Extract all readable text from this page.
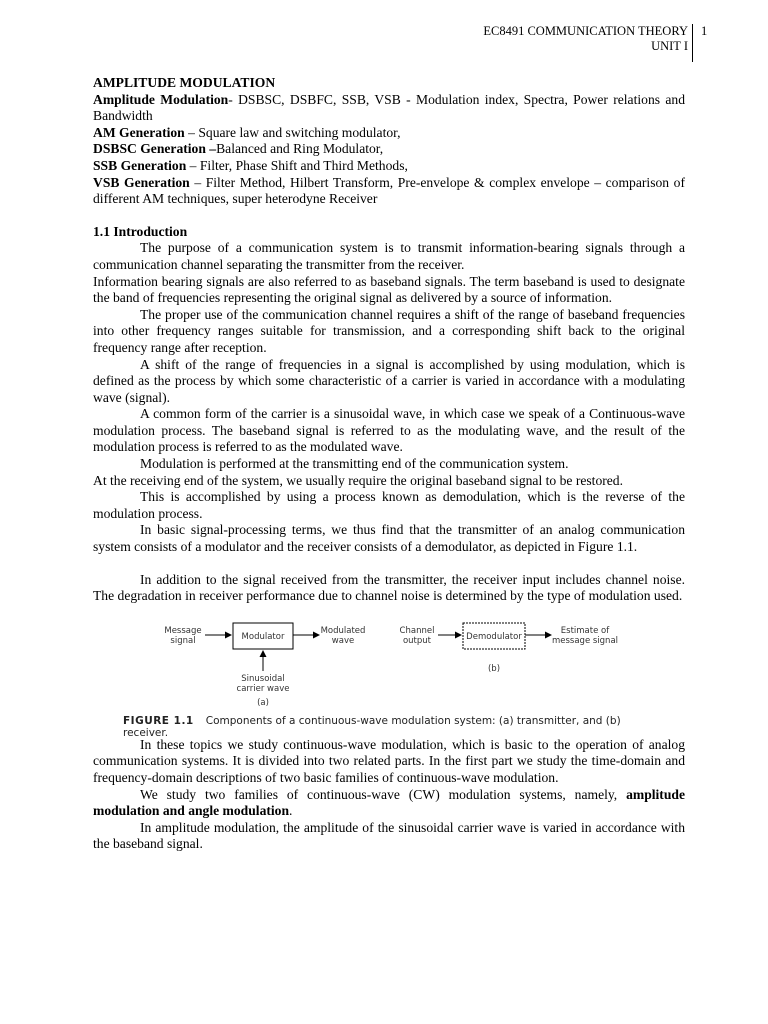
EC8491 COMMUNICATION THEORY
UNIT I
1

AMPLITUDE MODULATION

Amplitude Modulation- DSBSC, DSBFC, SSB, VSB - Modulation index, Spectra, Power relations and Bandwidth

AM Generation – Square law and switching modulator,

DSBSC Generation –Balanced and Ring Modulator,

SSB Generation – Filter, Phase Shift and Third Methods,

VSB Generation – Filter Method, Hilbert Transform, Pre-envelope & complex envelope – comparison of different AM techniques, super heterodyne Receiver

1.1 Introduction

The purpose of a communication system is to transmit information-bearing signals through a communication channel separating the transmitter from the receiver.

Information bearing signals are also referred to as baseband signals. The term baseband is used to designate the band of frequencies representing the original signal as delivered by a source of information.

The proper use of the communication channel requires a shift of the range of baseband frequencies into other frequency ranges suitable for transmission, and a corresponding shift back to the original frequency range after reception.

A shift of the range of frequencies in a signal is accomplished by using modulation, which is defined as the process by which some characteristic of a carrier is varied in accordance with a modulating wave (signal).

A common form of the carrier is a sinusoidal wave, in which case we speak of a Continuous-wave modulation process. The baseband signal is referred to as the modulating wave, and the result of the modulation process is referred to as the modulated wave.

Modulation is performed at the transmitting end of the communication system.

At the receiving end of the system, we usually require the original baseband signal to be restored.

This is accomplished by using a process known as demodulation, which is the reverse of the modulation process.

In basic signal-processing terms, we thus find that the transmitter of an analog communication system consists of a modulator and the receiver consists of a demodulator, as depicted in Figure 1.1.

In addition to the signal received from the transmitter, the receiver input includes channel noise. The degradation in receiver performance due to channel noise is determined by the type of modulation used.

Message
signal	Modulator
Modulated
wave
Sinusoidal
carrier wave
(a)
Channel
output	Demodulator
Estimate of
message signal
(b)
FIGURE 1.1 Components of a continuous-wave modulation system: (a) transmitter, and (b) receiver.

In these topics we study continuous-wave modulation, which is basic to the operation of analog communication systems. It is divided into two related parts. In the first part we study the time-domain and frequency-domain descriptions of two basic families of continuous-wave modulation.

We study two families of continuous-wave (CW) modulation systems, namely, amplitude modulation and angle modulation.

In amplitude modulation, the amplitude of the sinusoidal carrier wave is varied in accordance with the baseband signal.
